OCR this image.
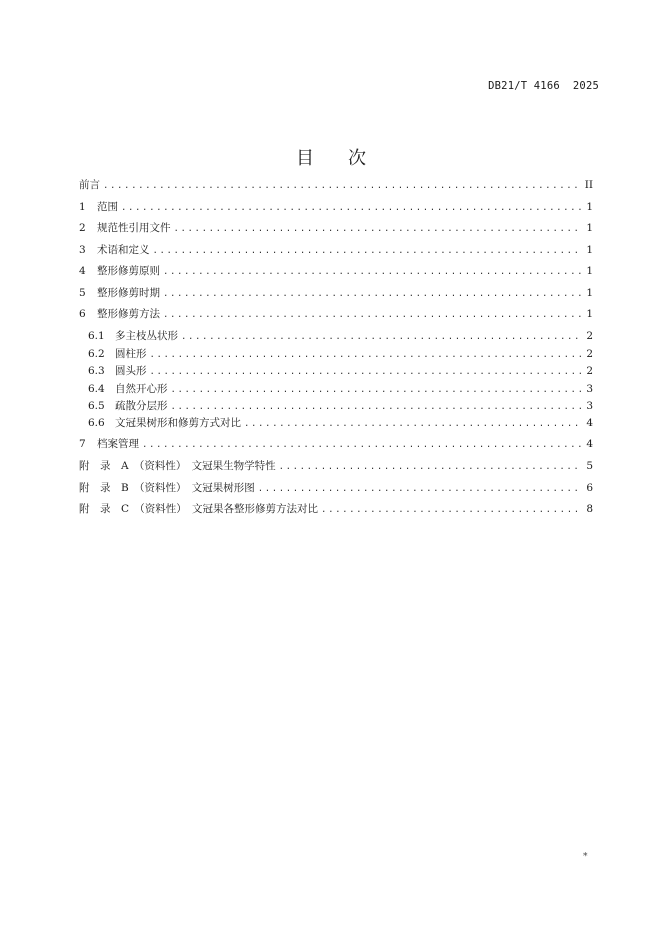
DB21/T 4166  2025
目次
前言 .....	II
1	范围 .....	1
2	规范性引用文件 .....	1
3	术语和定义 .....	1
4	整形修剪原则 .....	1
5	整形修剪时期 .....	1
6	整形修剪方法 .....	1
6.1 多主枝丛状形 .....	2
6.2 圆柱形 .....	2
6.3 圆头形 .....	2
6.4 自然开心形 .....	3
6.5 疏散分层形 .....	3
6.6 文冠果树形和修剪方式对比 .....	4
7	档案管理 .....	4
附　录　A　（资料性）　文冠果生物学特性 .....	5
附　录　B　（资料性）　文冠果树形图 .....	6
附　录　C　（资料性）　文冠果各整形修剪方法对比 .....	8
*
